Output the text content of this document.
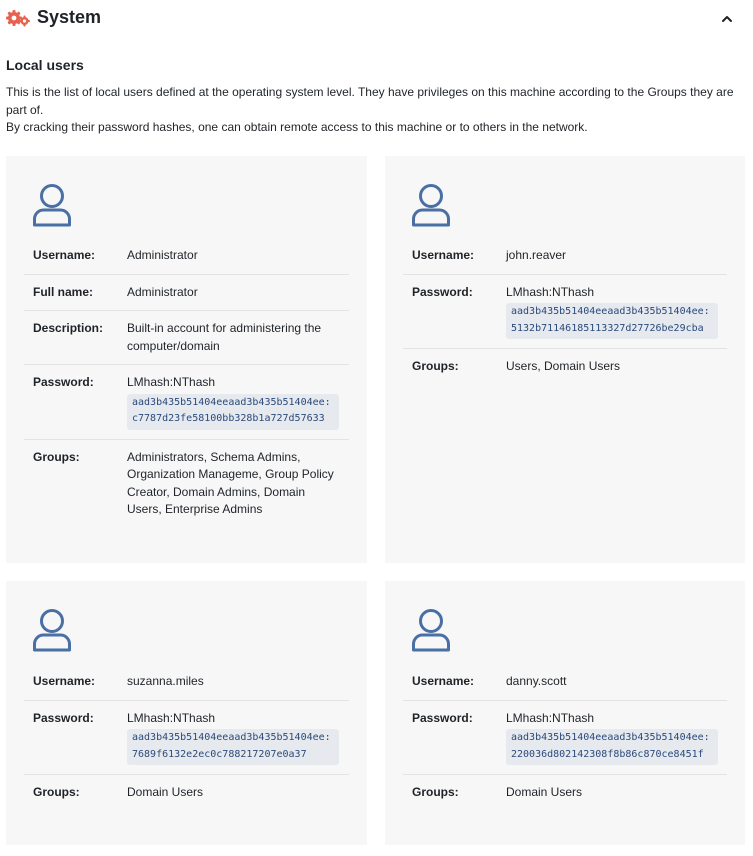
System
Local users

This is the list of local users defined at the operating system level. They have privileges on this machine according to the Groups they are part of.

By cracking their password hashes, one can obtain remote access to this machine or to others in the network.

Username:	Administrator
Full name:	Administrator
Description:	Built-in account for administering the computer/domain
Password:	LMhash:NThash
aad3b435b51404eeaad3b435b51404ee:c7787d23fe58100bb328b1a727d57633
Groups:	Administrators, Schema Admins, Organization Manageme, Group Policy Creator, Domain Admins, Domain Users, Enterprise Admins
Username:	john.reaver
Password:	LMhash:NThash
aad3b435b51404eeaad3b435b51404ee:5132b71146185113327d27726be29cba
Groups:	Users, Domain Users
Username:	suzanna.miles
Password:	LMhash:NThash
aad3b435b51404eeaad3b435b51404ee:7689f6132e2ec0c788217207e0a37
Groups:	Domain Users
Username:	danny.scott
Password:	LMhash:NThash
aad3b435b51404eeaad3b435b51404ee:220036d802142308f8b86c870ce8451f
Groups:	Domain Users
